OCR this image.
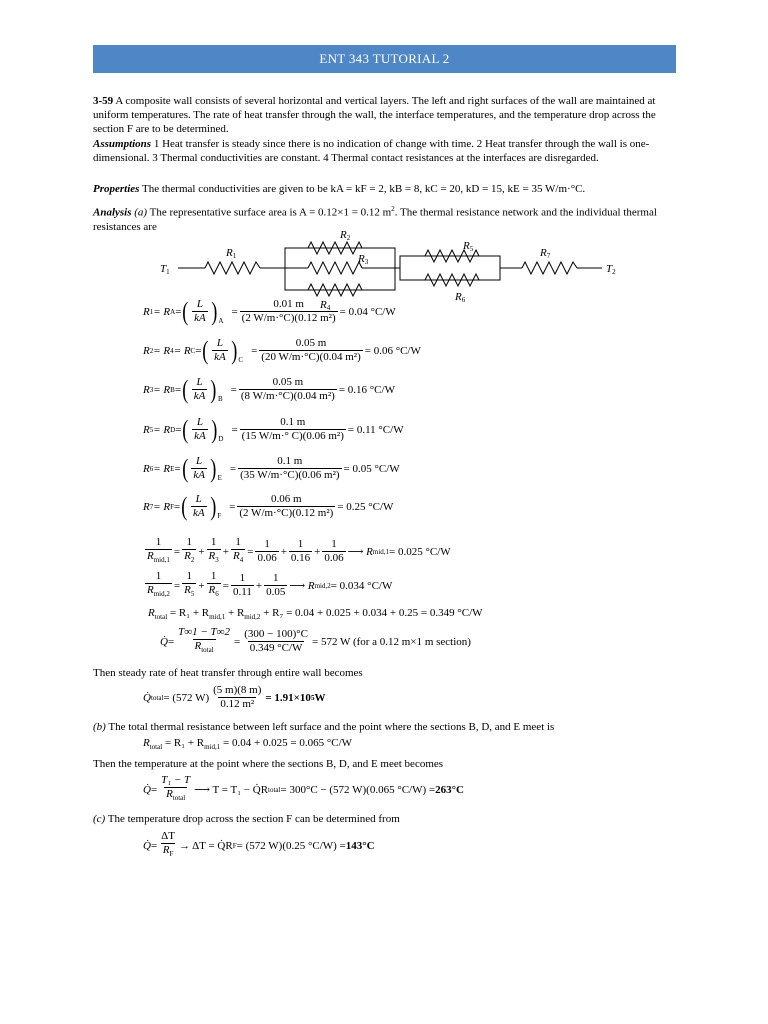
ENT 343 TUTORIAL 2
3-59 A composite wall consists of several horizontal and vertical layers. The left and right surfaces of the wall are maintained at uniform temperatures. The rate of heat transfer through the wall, the interface temperatures, and the temperature drop across the section F are to be determined.
Assumptions 1 Heat transfer is steady since there is no indication of change with time. 2 Heat transfer through the wall is one-dimensional. 3 Thermal conductivities are constant. 4 Thermal contact resistances at the interfaces are disregarded.
Properties The thermal conductivities are given to be kA = kF = 2, kB = 8, kC = 20, kD = 15, kE = 35 W/m·°C.
Analysis (a) The representative surface area is A = 0.12×1 = 0.12 $m^2$. The thermal resistance network and the individual thermal resistances are
T1	T2
R1
R2
R3
R4
R5
R6
R7
R 1 = R A = ( $\frac{L}{kA} )_A$
= $\frac{0.01 m}{\text{(2 W/m·°C)(0.12 m²)}} = 0.04$ °C/W
R 2 = R 4 = R C = ( $\frac{L}{kA} )_C$
= $\frac{0.05 m}{\text{(20 W/m·°C)(0.04 m²)}} = 0.06$ °C/W
R 3 = R B = ( $\frac{L}{kA} )_B$
= $\frac{0.05 m}{\text{(8 W/m·°C)(0.04 m²)}} = 0.16$ °C/W
R 5 = R D = ( $\frac{L}{kA} )_D$
= $\frac{0.1 m}{\text{(15 W/m·° C)(0.06 m²)}} = 0.11$ °C/W
R 6 = R E = ( $\frac{L}{kA} )_E$
= $\frac{0.1 m}{\text{(35 W/m·°C)(0.06 m²)}} = 0.05$ °C/W
R 7 = R F = ( $\frac{L}{kA} )_F$
= $\frac{0.06 m}{\text{(2 W/m·°C)(0.12 m²)}} = 0.25$ °C/W
$\frac{1}{R_{mid,1}} = \frac{1}{R_2} + \frac{1}{R_3} + \frac{1}{R_4} = \frac{1}{0.06} + \frac{1}{0.16} + \frac{1}{0.06}$ ⟶ R mid,1 = 0.025 °C/W
$\frac{1}{R_{mid,2}} = \frac{1}{R_5} + \frac{1}{R_6} = \frac{1}{0.11} + \frac{1}{0.05}$ ⟶ R mid,2 = 0.034 °C/W
$R_{total} = R_1 + R_{mid,1} + R_{mid,2} + R_7 = 0.04 + 0.025 + 0.034 + 0.25 = 0.349$ °C/W
Q̇ = $\frac{T\infty 1 - T\infty 2}{R_{total}} = \frac{(300 - 100)^\circ C}{0.349 ^\circ C/W} = 572$ W (for a 0.12 m×1 m section)
Then steady rate of heat transfer through entire wall becomes
Q̇ total = (572 $W) \frac{(5 m)(8 m)}{\text{0.12 m²}} = 1.91\times 10$ 5 W
(b) The total thermal resistance between left surface and the point where the sections B, D, and E meet is
$R_{total} = R_1 + R_{mid,1} = 0.04 + 0.025 = 0.065$ °C/W
Then the temperature at the point where the sections B, D, and E meet becomes
Q̇ = $\frac{\text{T₁ − T}}{R_{total}}$ ⟶ T = T₁ − Q̇R total = 300°C − (572 W)(0.065 °C/W) = 263°C
(c) The temperature drop across the section F can be determined from
Q̇ = $\frac{\Delta T}{R_F} \to \Delta T$ = Q̇R F = (572 W)(0.25 °C/W) = 143°C
